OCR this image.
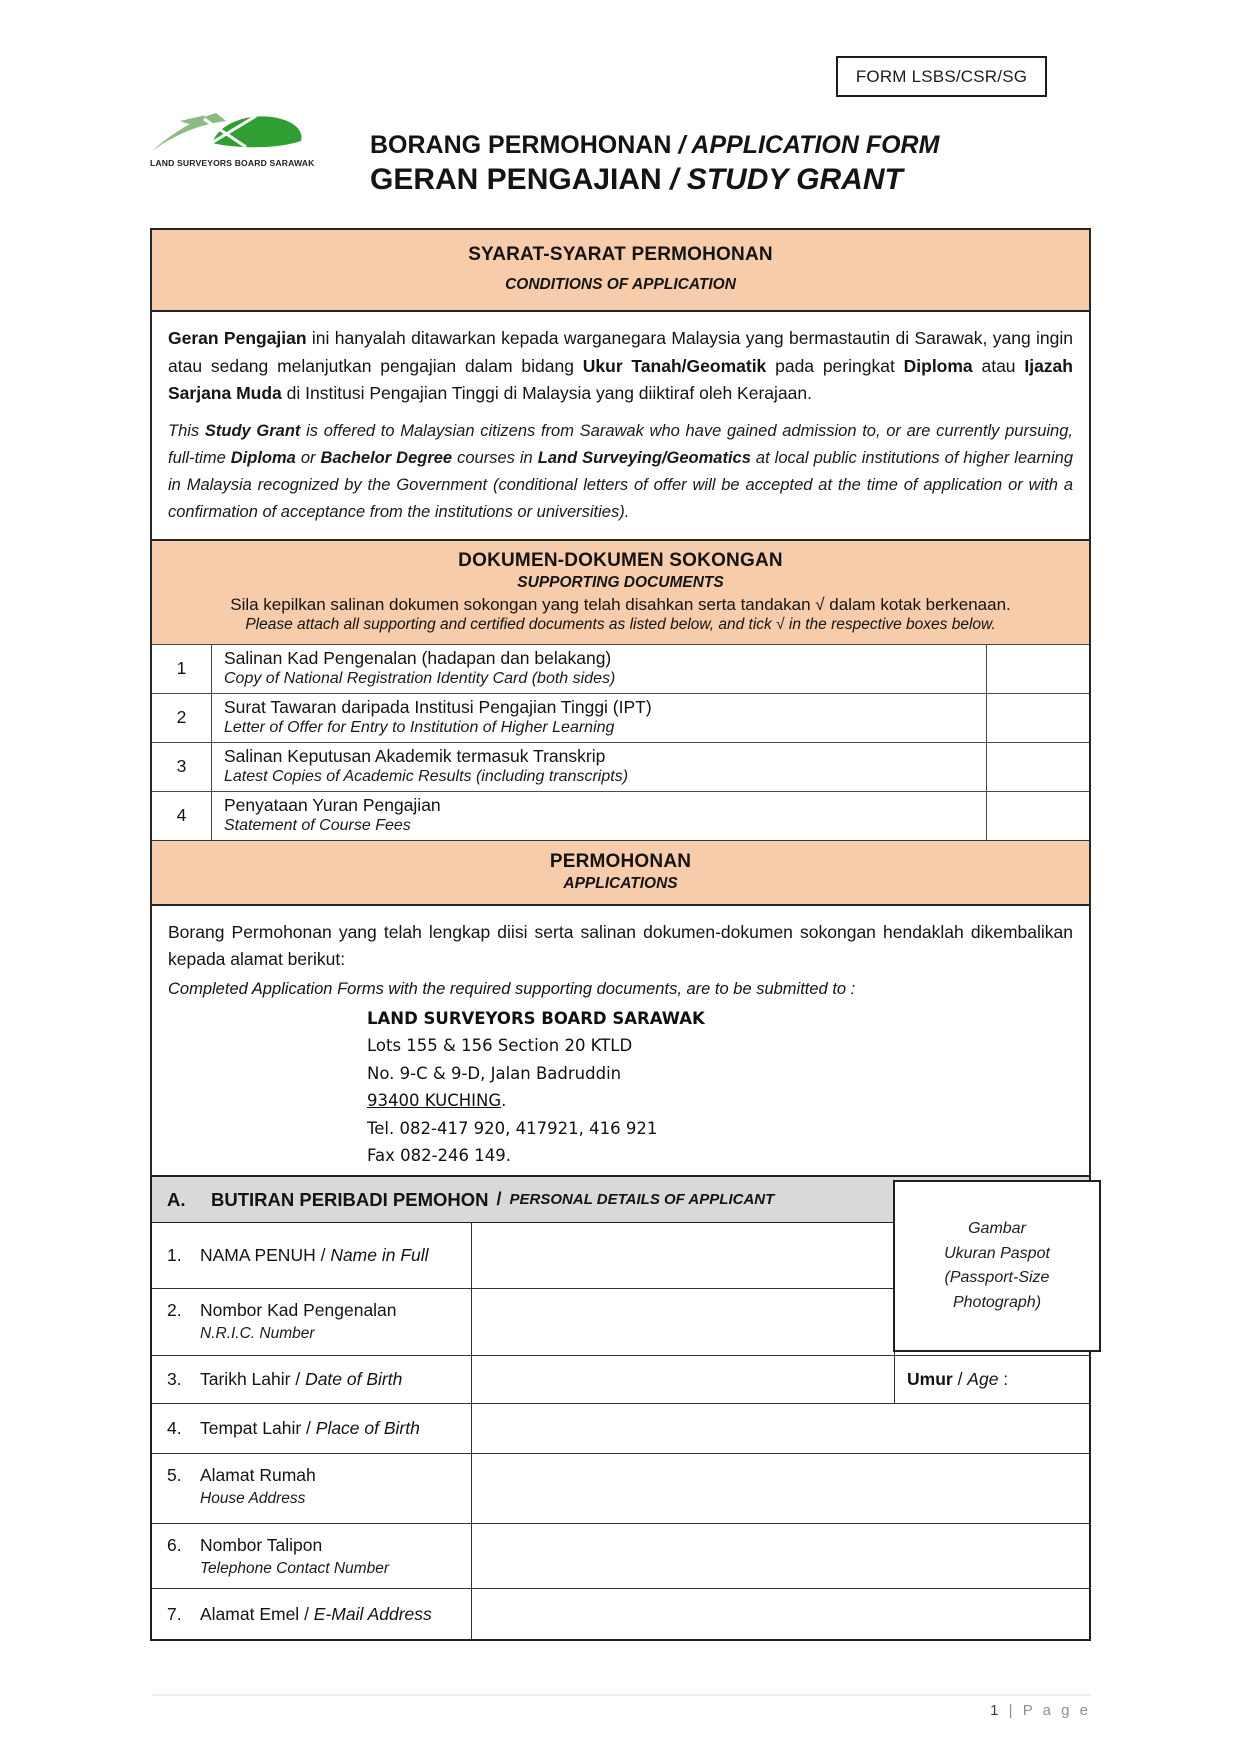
FORM LSBS/CSR/SG
LAND SURVEYORS BOARD SARAWAK
BORANG PERMOHONAN / APPLICATION FORM
GERAN PENGAJIAN / STUDY GRANT
SYARAT-SYARAT PERMOHONAN
CONDITIONS OF APPLICATION

Geran Pengajian ini hanyalah ditawarkan kepada warganegara Malaysia yang bermastautin di Sarawak, yang ingin atau sedang melanjutkan pengajian dalam bidang Ukur Tanah/Geomatik pada peringkat Diploma atau Ijazah Sarjana Muda di Institusi Pengajian Tinggi di Malaysia yang diiktiraf oleh Kerajaan.

This Study Grant is offered to Malaysian citizens from Sarawak who have gained admission to, or are currently pursuing, full-time Diploma or Bachelor Degree courses in Land Surveying/Geomatics at local public institutions of higher learning in Malaysia recognized by the Government (conditional letters of offer will be accepted at the time of application or with a confirmation of acceptance from the institutions or universities).

DOKUMEN-DOKUMEN SOKONGAN
SUPPORTING DOCUMENTS
Sila kepilkan salinan dokumen sokongan yang telah disahkan serta tandakan √ dalam kotak berkenaan.
Please attach all supporting and certified documents as listed below, and tick √ in the respective boxes below.
1	Salinan Kad Pengenalan (hadapan dan belakang)
Copy of National Registration Identity Card (both sides)
2	Surat Tawaran daripada Institusi Pengajian Tinggi (IPT)
Letter of Offer for Entry to Institution of Higher Learning
3	Salinan Keputusan Akademik termasuk Transkrip
Latest Copies of Academic Results (including transcripts)
4	Penyataan Yuran Pengajian
Statement of Course Fees
PERMOHONAN
APPLICATIONS

Borang Permohonan yang telah lengkap diisi serta salinan dokumen-dokumen sokongan hendaklah dikembalikan kepada alamat berikut:

Completed Application Forms with the required supporting documents, are to be submitted to :

LAND SURVEYORS BOARD SARAWAK
Lots 155 & 156 Section 20 KTLD
No. 9-C & 9-D, Jalan Badruddin
93400 KUCHING.
Tel. 082-417 920, 417921, 416 921
Fax 082-246 149.
A.	BUTIRAN PERIBADI PEMOHON / PERSONAL DETAILS OF APPLICANT
1.	NAMA PENUH / Name in Full
2.	Nombor Kad Pengenalan
N.R.I.C. Number
3.	Tarikh Lahir / Date of Birth	Umur / Age :
4.	Tempat Lahir / Place of Birth
5.	Alamat Rumah
House Address
6.	Nombor Talipon
Telephone Contact Number
7.	Alamat Emel / E-Mail Address
Gambar
Ukuran Paspot
(Passport-Size
Photograph)
1 | P a g e
